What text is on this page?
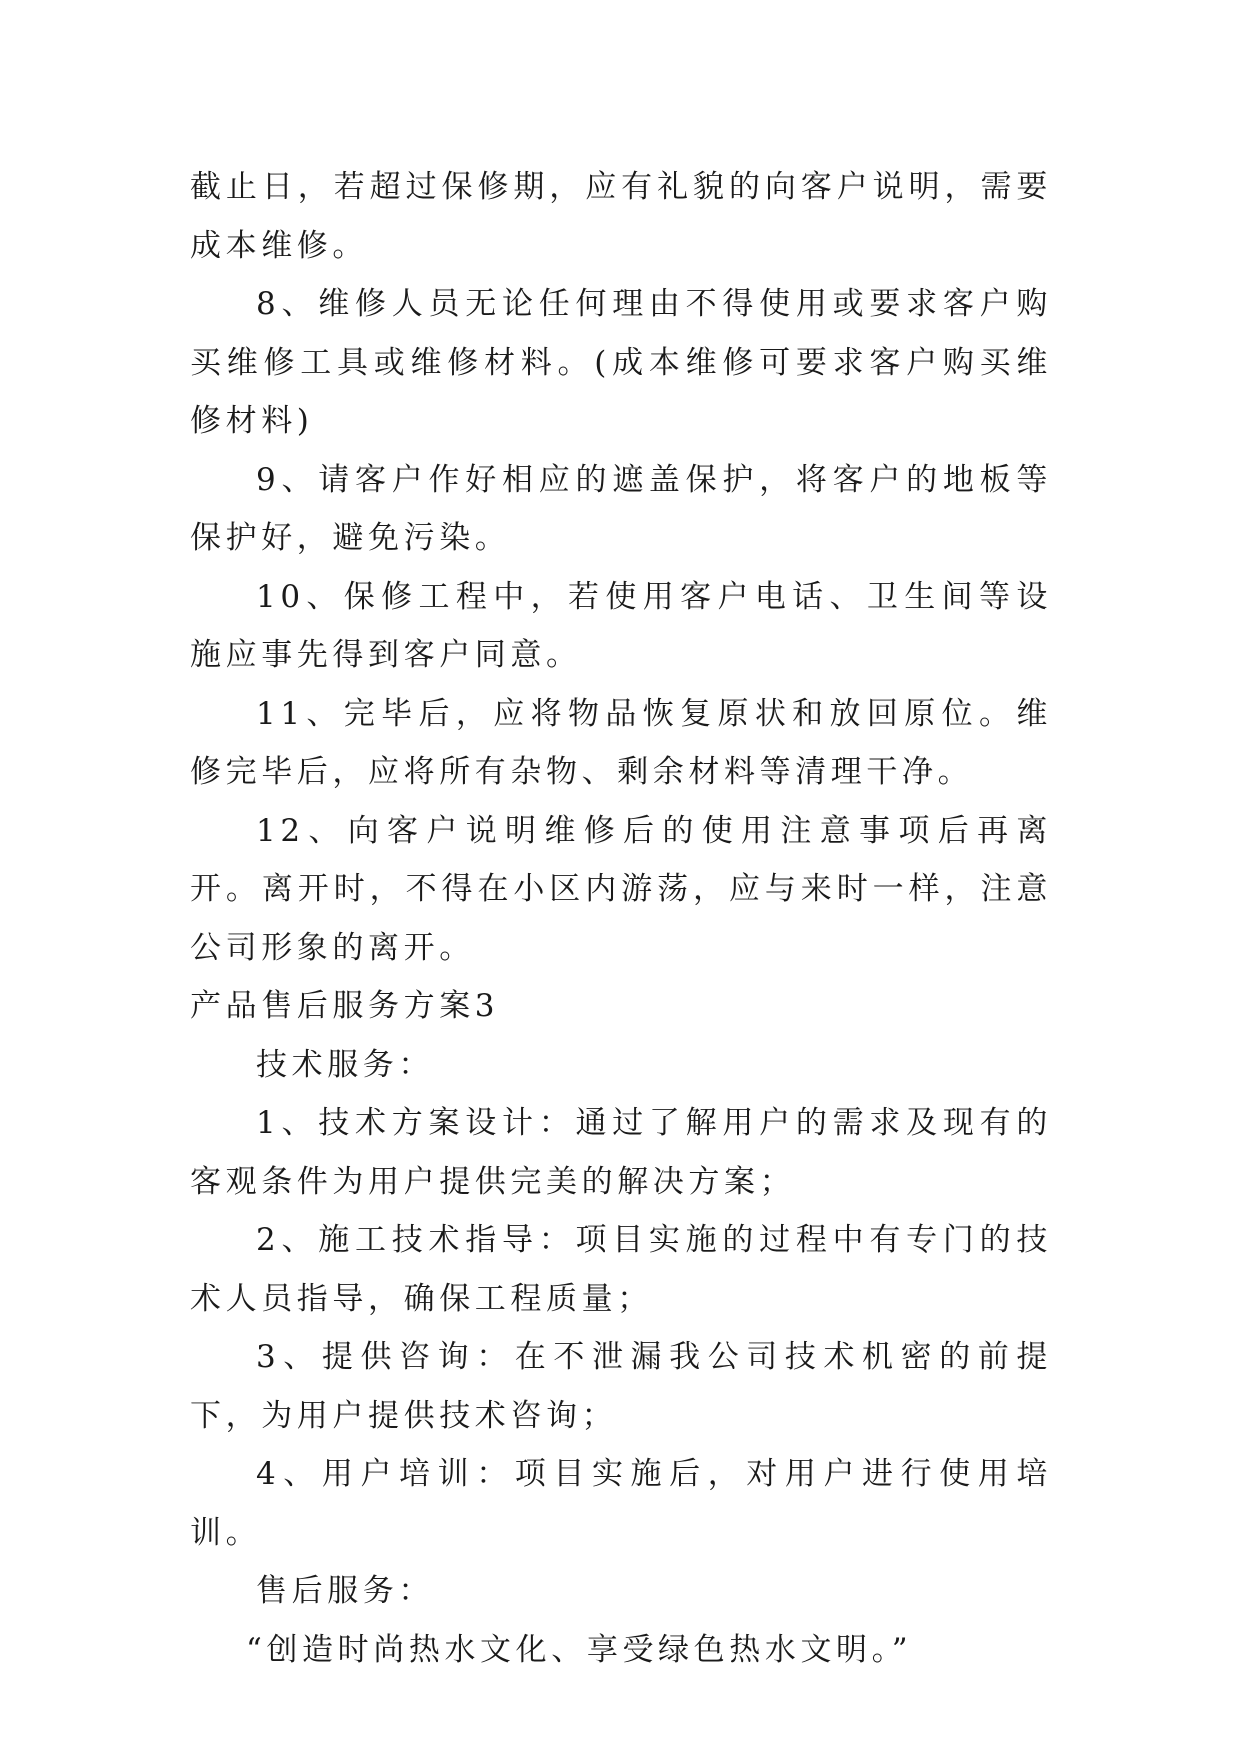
截止日，若超过保修期，应有礼貌的向客户说明，需要成本维修。

8、维修人员无论任何理由不得使用或要求客户购买维修工具或维修材料。(成本维修可要求客户购买维修材料)

9、请客户作好相应的遮盖保护，将客户的地板等保护好，避免污染。

10、保修工程中，若使用客户电话、卫生间等设施应事先得到客户同意。

11、完毕后，应将物品恢复原状和放回原位。维修完毕后，应将所有杂物、剩余材料等清理干净。

12、向客户说明维修后的使用注意事项后再离开。离开时，不得在小区内游荡，应与来时一样，注意公司形象的离开。

产品售后服务方案3

技术服务：

1、技术方案设计：通过了解用户的需求及现有的客观条件为用户提供完美的解决方案；

2、施工技术指导：项目实施的过程中有专门的技术人员指导，确保工程质量；

3、提供咨询：在不泄漏我公司技术机密的前提下，为用户提供技术咨询；

4、用户培训：项目实施后，对用户进行使用培训。

售后服务：

“创造时尚热水文化、享受绿色热水文明。”
